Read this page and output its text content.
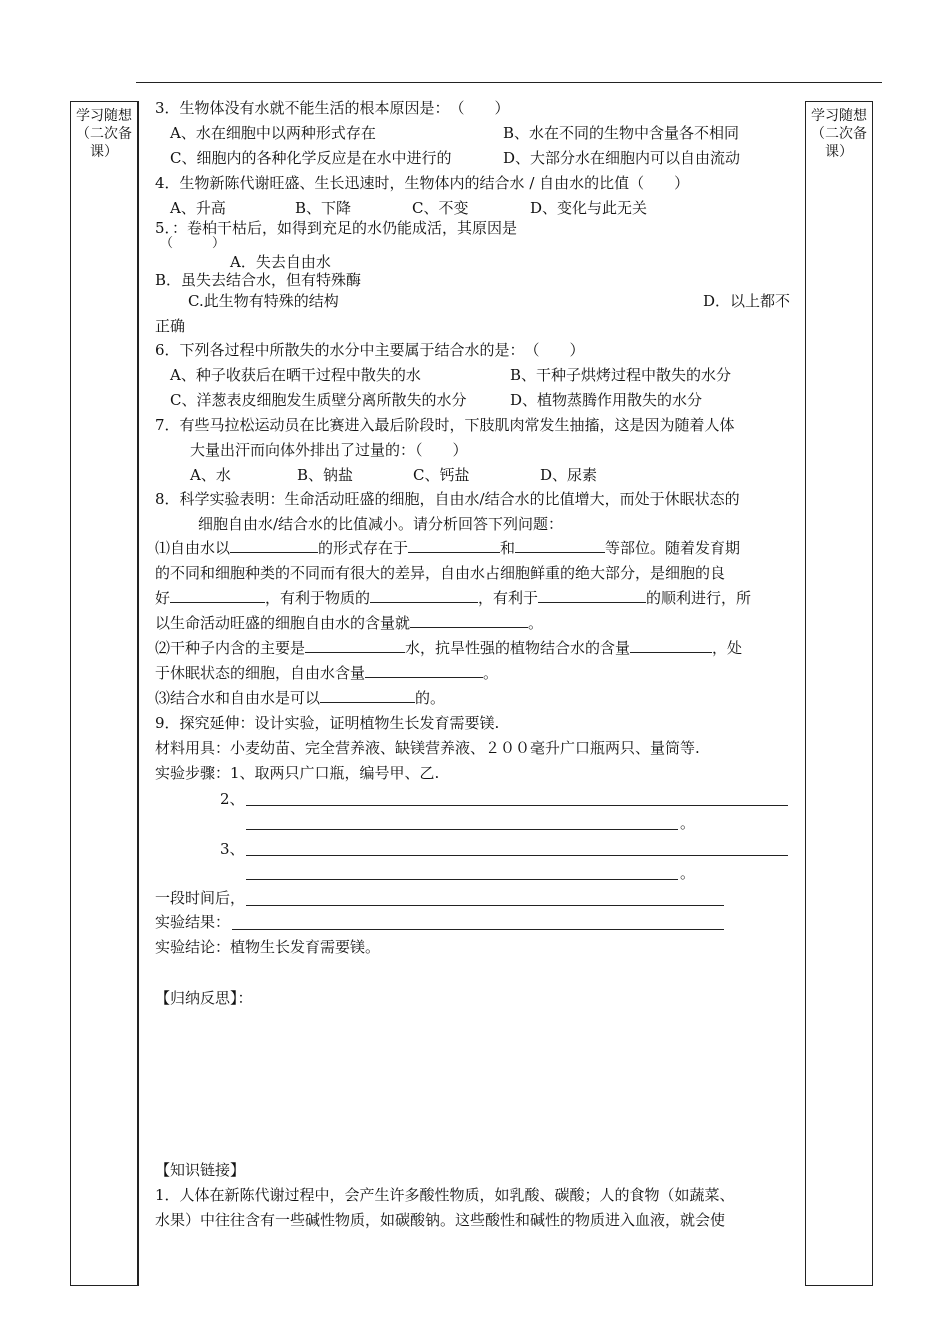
学习随想
（二次备课）
学习随想
（二次备课）
3．生物体没有水就不能生活的根本原因是：　（　　）
A、水在细胞中以两种形式存在	B、水在不同的生物中含量各不相同
C、细胞内的各种化学反应是在水中进行的	D、大部分水在细胞内可以自由流动
4．生物新陈代谢旺盛、生长迅速时，生物体内的结合水 / 自由水的比值（　　）
A、升高	B、下降	C、不变	D、变化与此无关
5．：卷柏干枯后，如得到充足的水仍能成活，其原因是
（　　　）
A．失去自由水
B．虽失去结合水，但有特殊酶
C.此生物有特殊的结构	D．以上都不
正确
6．下列各过程中所散失的水分中主要属于结合水的是：　（　　）
A、种子收获后在晒干过程中散失的水	B、干种子烘烤过程中散失的水分
C、洋葱表皮细胞发生质壁分离所散失的水分	D、植物蒸腾作用散失的水分
7．有些马拉松运动员在比赛进入最后阶段时，下肢肌肉常发生抽搐，这是因为随着人体
大量出汗而向体外排出了过量的：（　　）
A、水	B、钠盐	C、钙盐	D、尿素
8．科学实验表明：生命活动旺盛的细胞，自由水/结合水的比值增大，而处于休眠状态的
细胞自由水/结合水的比值减小。请分析回答下列问题：
⑴自由水以	的形式存在于	和	等部位。随着发育期
的不同和细胞种类的不同而有很大的差异，自由水占细胞鲜重的绝大部分，是细胞的良
好	，有利于物质的	，有利于	的顺利进行，所
以生命活动旺盛的细胞自由水的含量就	。
⑵干种子内含的主要是	水，抗旱性强的植物结合水的含量	，处
于休眠状态的细胞，自由水含量	。
⑶结合水和自由水是可以	的。
9．探究延伸：设计实验，证明植物生长发育需要镁.
材料用具：小麦幼苗、完全营养液、缺镁营养液、２００毫升广口瓶两只、量筒等.
实验步骤：1、取两只广口瓶，编号甲、乙.
2、
。
3、
。
一段时间后，
实验结果：
实验结论：植物生长发育需要镁。
【归纳反思】：
【知识链接】
1．人体在新陈代谢过程中，会产生许多酸性物质，如乳酸、碳酸；人的食物（如蔬菜、
水果）中往往含有一些碱性物质，如碳酸钠。这些酸性和碱性的物质进入血液，就会使
